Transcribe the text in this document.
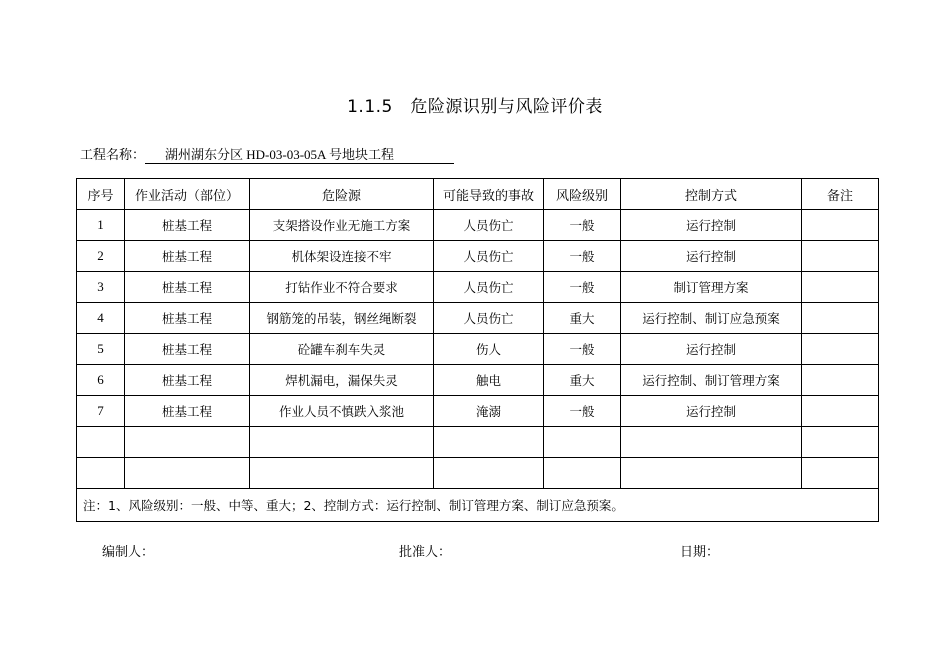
1.1.5　危险源识别与风险评价表
工程名称： 湖州湖东分区 HD-03-03-05A 号地块工程
序号	作业活动（部位）	危险源	可能导致的事故	风险级别	控制方式	备注
1	桩基工程	支架搭设作业无施工方案	人员伤亡	一般	运行控制	
2	桩基工程	机体架设连接不牢	人员伤亡	一般	运行控制	
3	桩基工程	打钻作业不符合要求	人员伤亡	一般	制订管理方案	
4	桩基工程	钢筋笼的吊装，钢丝绳断裂	人员伤亡	重大	运行控制、制订应急预案	
5	桩基工程	砼罐车刹车失灵	伤人	一般	运行控制	
6	桩基工程	焊机漏电，漏保失灵	触电	重大	运行控制、制订管理方案	
7	桩基工程	作业人员不慎跌入浆池	淹溺	一般	运行控制	

注：1、风险级别：一般、中等、重大；2、控制方式：运行控制、制订管理方案、制订应急预案。						
编制人：	批准人：	日期：
